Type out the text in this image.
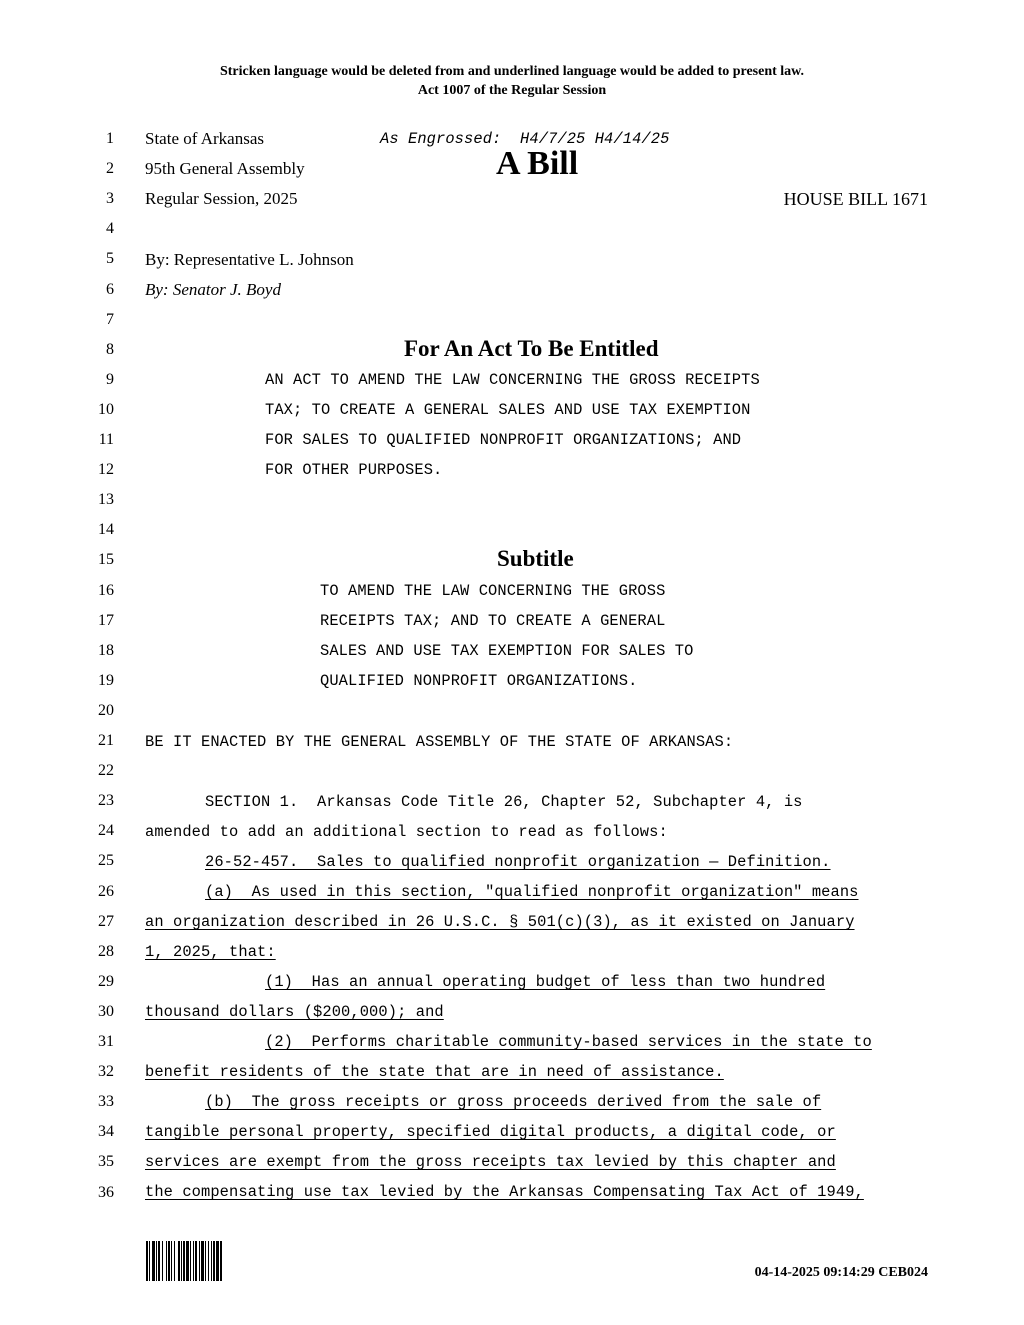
Stricken language would be deleted from and underlined language would be added to present law.
Act 1007 of the Regular Session
1
2
3
4
5
6
7
8
9
10
11
12
13
14
15
16
17
18
19
20
21
22
23
24
25
26
27
28
29
30
31
32
33
34
35
36
State of Arkansas	As Engrossed:  H4/7/25 H4/14/25
95th General Assembly	A Bill
Regular Session, 2025	HOUSE BILL 1671
By: Representative L. Johnson
By: Senator J. Boyd
For An Act To Be Entitled
AN ACT TO AMEND THE LAW CONCERNING THE GROSS RECEIPTS
TAX; TO CREATE A GENERAL SALES AND USE TAX EXEMPTION
FOR SALES TO QUALIFIED NONPROFIT ORGANIZATIONS; AND
FOR OTHER PURPOSES.
Subtitle
TO AMEND THE LAW CONCERNING THE GROSS
RECEIPTS TAX; AND TO CREATE A GENERAL
SALES AND USE TAX EXEMPTION FOR SALES TO
QUALIFIED NONPROFIT ORGANIZATIONS.
BE IT ENACTED BY THE GENERAL ASSEMBLY OF THE STATE OF ARKANSAS:
SECTION 1.  Arkansas Code Title 26, Chapter 52, Subchapter 4, is
amended to add an additional section to read as follows:
26-52-457.  Sales to qualified nonprofit organization — Definition.
(a)  As used in this section, "qualified nonprofit organization" means
an organization described in 26 U.S.C. § 501(c)(3), as it existed on January
1, 2025, that:
(1)  Has an annual operating budget of less than two hundred
thousand dollars ($200,000); and
(2)  Performs charitable community-based services in the state to
benefit residents of the state that are in need of assistance.
(b)  The gross receipts or gross proceeds derived from the sale of
tangible personal property, specified digital products, a digital code, or
services are exempt from the gross receipts tax levied by this chapter and
the compensating use tax levied by the Arkansas Compensating Tax Act of 1949,
04-14-2025 09:14:29 CEB024
